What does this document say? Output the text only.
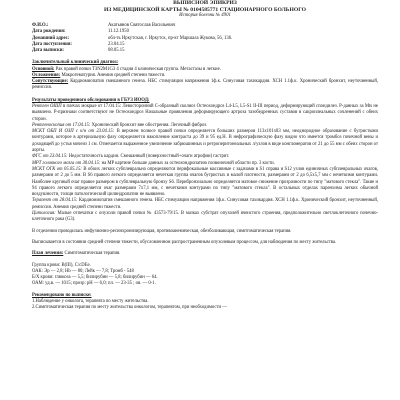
ВЫПИСНОЙ ЭПИКРИЗ
ИЗ МЕДИЦИНСКОЙ КАРТЫ № 0104585771 СТАЦИОНАРНОГО БОЛЬНОГО
История болезни № 4901
Ф.И.О.:	Акатьянов Святослав Васильевич
Дата рождения:	11.12.1950
Домашний адрес:	обл-ть Иркутская, г. Иркутск, пр-кт Маршала Жукова, 56, 136.
Дата поступления:	23.04.15
Дата выписки:	08.05.15
Заключительный клинический диагноз:
Основной: Рак правой почки T3N2M1G3 4 стадия 4 клиническая группа. Метастазы в легкие.
Осложнения: Макрогематурия. Анемия средней степени тяжести.
Сопутствующие: Кардиомиопатия смешанного генеза. НБС стимуляции напряжения 1ф.к. Синусовая тахикардия. ХСН 1.1ф.к. Хронический бронхит, неуточненный, ремиссия.
Результаты проведенного обследования в ГБУЗ ИООД:
Рентген ОШП в плечах мокрые от 17.04.15: Левосторонний С-образный сколиоз Остеохондроз L4-L5, L5-S1 II-III период, деформирующий спондилез. Р-данных за Мts не выявлено. Р-признаки соответствуют не Остеохондроз Начальные проявления деформирующего артроза тазобедренных суставов в сакроилеальных сочленений с обеих сторон.
Рентгеноскопия от 17.04.15: Хронический бронхит вне обострения. Легочный фиброз.
МСКТ ОБП И ОЗП с к/н от 23.04.15: В верхнем полюсе правой почки определяется больших размеров 113х101х83 мм, неоднородное образование с бугристыми контурами, которое в артериальную фазу определяется накопление контраста до 39 и 95 ед.Н. В нефрографическую фазу видно что имеется тромбоз почечной вены и доходящей до устья мочеиз 1 см. Отмечается выраженное увеличение забрюшинных и ретроперитонеальных л/узлов в виде конгломератов от 21 до 55 мм с обеих сторон от аорты.
ФГС от 23.04.15: Недостаточность кардии. Смешанный (поверхностный+очаги атрофии) гастрит.
МРТ головного мозга от 30.04.15: на МР картине больше данных за остеохондропатию позвоночной области пр. 3 кости.
МСКТ ОГК от 05.05.15: В обоих легких субплеврально определяются перифокальные массивные с задачами в S1 справа и S12 узлов единичных субплевральных очагов, размерами от 2 до 5 мм. В S6 правого легкого определяется нечеткая группа очагов бугристых и малой плотности, размерами от 2 до 6,5х5,7 мм с нечеткими контурами. Наиболее крупный очаг правое размером в субплевральную бронху S6. Перибронхиально определяется матовое снижение прозрачности по типу "матового стекла". Такие и 94 правого легкого определяется очаг размерами 7х7,1 мм, с нечеткими контурами по типу "матового стекла". В остальных отделах паренхима легких обычной воздушности, толщи патологический цилиндропатии не выявлено.
Терапевт от 28.04.15: Кардиомиопатия смешанного генеза. НБС стимуляции напряжения 1ф.к. Синусовая тахикардия. ХСН 1.1ф.к. Хронический бронхит, неуточненный, ремиссия. Анемия средней степени тяжести.
Цитология: Малые отпечатки с опухоли правой почки № 43573-79/15. В мазках субстрат опухолей ячеистого строения, предположительно светлоклеточного почечно-клеточного рака (G3).
В отделении проводилась инфузионно-ресинхронизирующая, противоанемическая, обезболивающая, симптоматическая терапия.
Выписывается в состоянии средней степени тяжести, обусловленном распространенным опухолевым процессом, для наблюдения по месту жительства.
План лечения: Симптоматическая терапия.
Группа крови: В(III), С/cDEe.
ОАК: Эр — 2,8; Hb — 80; Лейк — 7,8; Тромб - 548
Б/Х крови: глюкоза — 5,5; билирубин — 5,8; билирубин — 64.
ОАМ: уд.в. — 1015; прозр: рН — 6,0; пл. — 23-35 ; ов. — 0-1.
Рекомендовано по выписке:
1.Наблюдение у онколога, терапевта по месту жительства.
2.Симптоматическая терапия по месту жительства онкологом, терапевтом, при необходимости —
